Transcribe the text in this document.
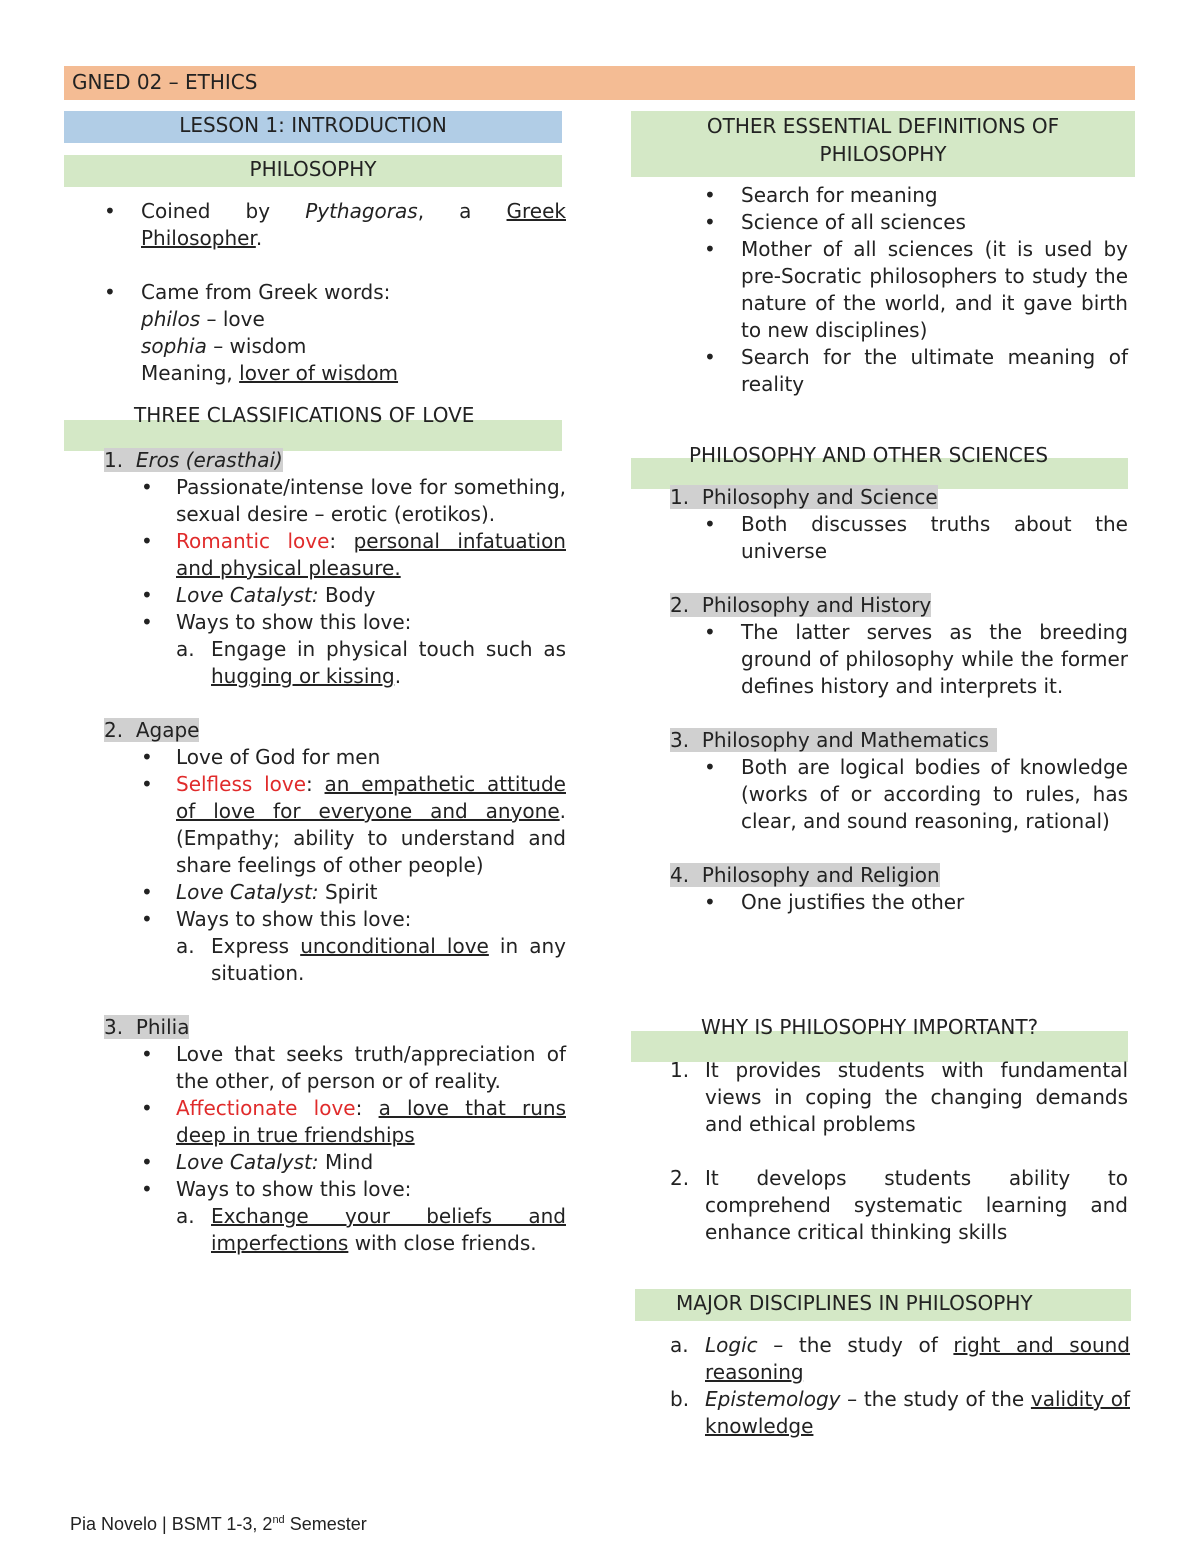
GNED 02 – ETHICS
LESSON 1: INTRODUCTION
PHILOSOPHY
• Coined by Pythagoras, a Greek Philosopher.

• Came from Greek words:

philos – love

sophia – wisdom

Meaning, lover of wisdom

THREE CLASSIFICATIONS OF LOVE

1. Eros (erasthai)

• Passionate/intense love for something, sexual desire – erotic (erotikos).

• Romantic love: personal infatuation and physical pleasure.

• Love Catalyst: Body

• Ways to show this love:

a. Engage in physical touch such as hugging or kissing.

2. Agape

• Love of God for men

• Selfless love: an empathetic attitude of love for everyone and anyone. (Empathy; ability to understand and share feelings of other people)

• Love Catalyst: Spirit

• Ways to show this love:

a. Express unconditional love in any situation.

3. Philia

• Love that seeks truth/appreciation of the other, of person or of reality.

• Affectionate love: a love that runs deep in true friendships

• Love Catalyst: Mind

• Ways to show this love:

a. Exchange your beliefs and imperfections with close friends.

OTHER ESSENTIAL DEFINITIONS OF PHILOSOPHY
•	Search for meaning

•	Science of all sciences

•	Mother of all sciences (it is used by pre-Socratic philosophers to study the nature of the world, and it gave birth to new disciplines)

•	Search for the ultimate meaning of reality

PHILOSOPHY AND OTHER SCIENCES

1. Philosophy and Science

• Both discusses truths about the universe

2. Philosophy and History

• The latter serves as the breeding ground of philosophy while the former defines history and interprets it.

3. Philosophy and Mathematics

• Both are logical bodies of knowledge (works of or according to rules, has clear, and sound reasoning, rational)

4. Philosophy and Religion

• One justifies the other

WHY IS PHILOSOPHY IMPORTANT?
1. It provides students with fundamental views in coping the changing demands and ethical problems

2. It develops students ability to comprehend systematic learning and enhance critical thinking skills

MAJOR DISCIPLINES IN PHILOSOPHY
a. Logic – the study of right and sound reasoning

b. Epistemology – the study of the validity of knowledge

Pia Novelo | BSMT 1-3, 2nd Semester
